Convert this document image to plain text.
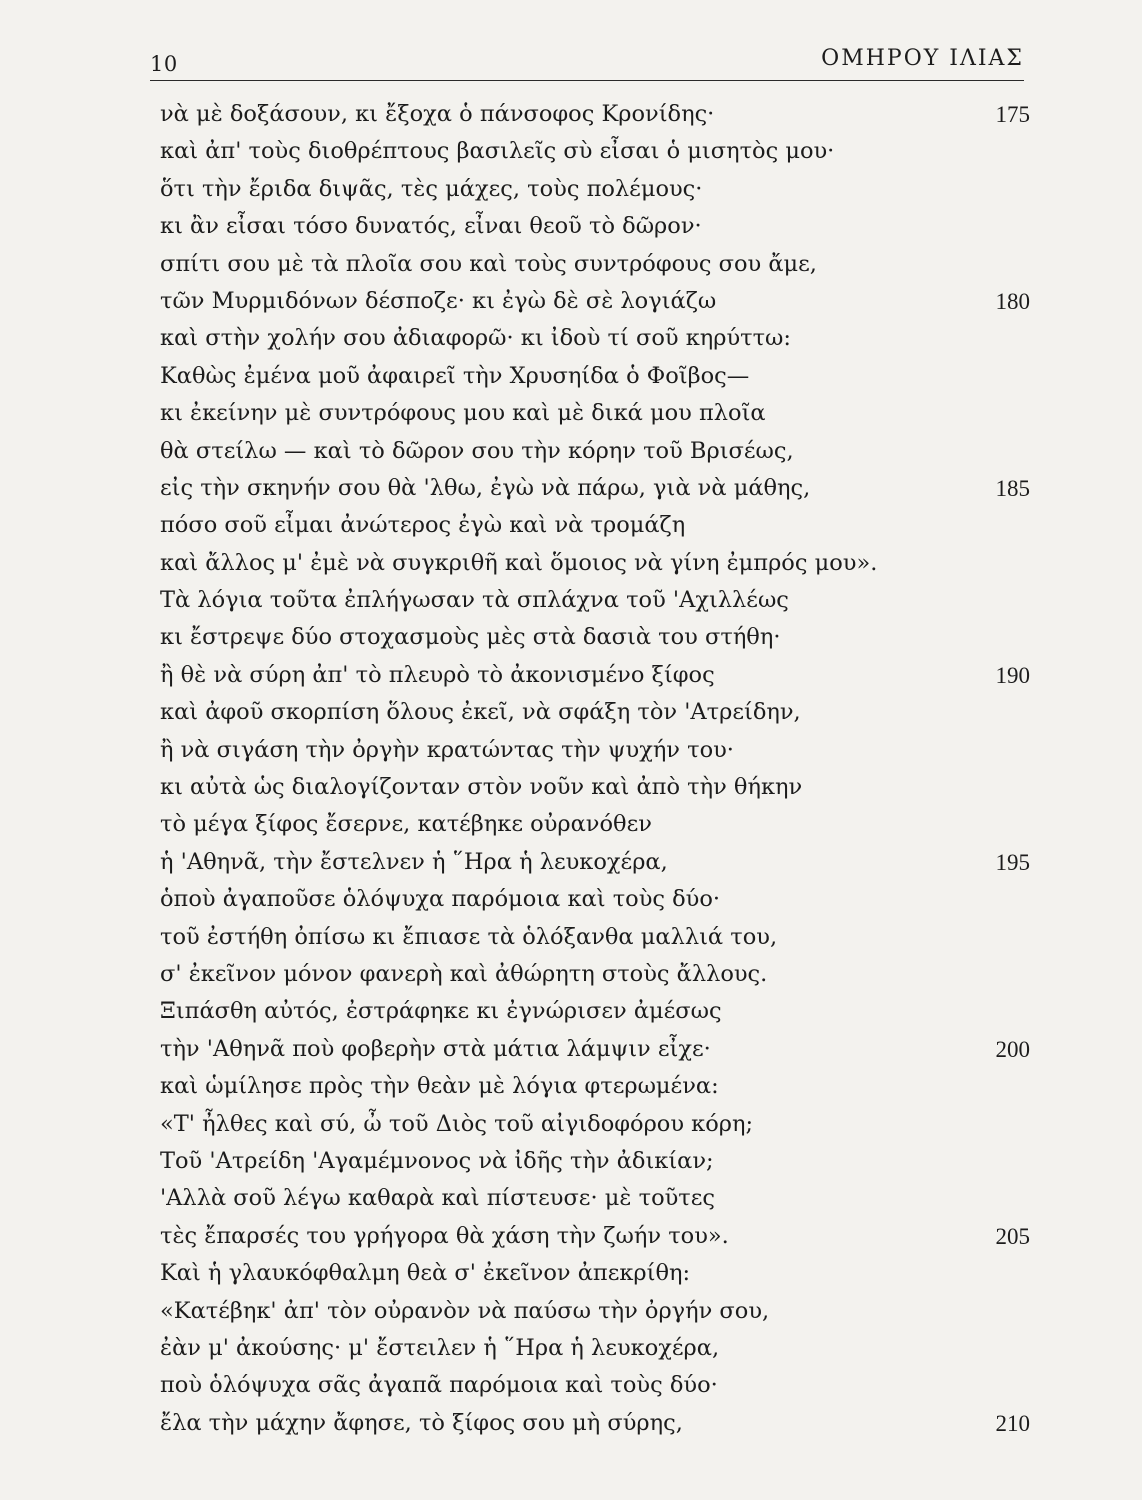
10	ΟΜΗΡΟΥ ΙΛΙΑΣ
νὰ μὲ δοξάσουν, κι ἔξοχα ὁ πάνσοφος Κρονίδης·	175
καὶ ἀπ' τοὺς διοθρέπτους βασιλεῖς σὺ εἶσαι ὁ μισητὸς μου·
ὅτι τὴν ἔριδα διψᾶς, τὲς μάχες, τοὺς πολέμους·
κι ἂν εἶσαι τόσο δυνατός, εἶναι θεοῦ τὸ δῶρον·
σπίτι σου μὲ τὰ πλοῖα σου καὶ τοὺς συντρόφους σου ἄμε,
τῶν Μυρμιδόνων δέσποζε· κι ἐγὼ δὲ σὲ λογιάζω	180
καὶ στὴν χολήν σου ἀδιαφορῶ· κι ἰδοὺ τί σοῦ κηρύττω:
Καθὼς ἐμένα μοῦ ἀφαιρεῖ τὴν Χρυσηίδα ὁ Φοῖβος—
κι ἐκείνην μὲ συντρόφους μου καὶ μὲ δικά μου πλοῖα
θὰ στείλω — καὶ τὸ δῶρον σου τὴν κόρην τοῦ Βρισέως,
εἰς τὴν σκηνήν σου θὰ 'λθω, ἐγὼ νὰ πάρω, γιὰ νὰ μάθης,	185
πόσο σοῦ εἶμαι ἀνώτερος ἐγὼ καὶ νὰ τρομάζη
καὶ ἄλλος μ' ἐμὲ νὰ συγκριθῆ καὶ ὅμοιος νὰ γίνη ἐμπρός μου».
Τὰ λόγια τοῦτα ἐπλήγωσαν τὰ σπλάχνα τοῦ 'Αχιλλέως
κι ἔστρεψε δύο στοχασμοὺς μὲς στὰ δασιὰ του στήθη·
ἢ θὲ νὰ σύρη ἀπ' τὸ πλευρὸ τὸ ἀκονισμένο ξίφος	190
καὶ ἀφοῦ σκορπίση ὅλους ἐκεῖ, νὰ σφάξη τὸν 'Ατρείδην,
ἢ νὰ σιγάση τὴν ὀργὴν κρατώντας τὴν ψυχήν του·
κι αὐτὰ ὡς διαλογίζονταν στὸν νοῦν καὶ ἀπὸ τὴν θήκην
τὸ μέγα ξίφος ἔσερνε, κατέβηκε οὐρανόθεν
ἡ 'Αθηνᾶ, τὴν ἔστελνεν ἡ ῞Ηρα ἡ λευκοχέρα,	195
ὁποὺ ἀγαποῦσε ὁλόψυχα παρόμοια καὶ τοὺς δύο·
τοῦ ἐστήθη ὀπίσω κι ἔπιασε τὰ ὁλόξανθα μαλλιά του,
σ' ἐκεῖνον μόνον φανερὴ καὶ ἀθώρητη στοὺς ἄλλους.
Ξιπάσθη αὐτός, ἐστράφηκε κι ἐγνώρισεν ἀμέσως
τὴν 'Αθηνᾶ ποὺ φοβερὴν στὰ μάτια λάμψιν εἶχε·	200
καὶ ὡμίλησε πρὸς τὴν θεὰν μὲ λόγια φτερωμένα:
«Τ' ἦλθες καὶ σύ, ὦ τοῦ Διὸς τοῦ αἰγιδοφόρου κόρη;
Τοῦ 'Ατρείδη 'Αγαμέμνονος νὰ ἰδῆς τὴν ἀδικίαν;
'Αλλὰ σοῦ λέγω καθαρὰ καὶ πίστευσε· μὲ τοῦτες
τὲς ἔπαρσές του γρήγορα θὰ χάση τὴν ζωήν του».	205
Καὶ ἡ γλαυκόφθαλμη θεὰ σ' ἐκεῖνον ἀπεκρίθη:
«Κατέβηκ' ἀπ' τὸν οὐρανὸν νὰ παύσω τὴν ὀργήν σου,
ἐὰν μ' ἀκούσης· μ' ἔστειλεν ἡ ῞Ηρα ἡ λευκοχέρα,
ποὺ ὁλόψυχα σᾶς ἀγαπᾶ παρόμοια καὶ τοὺς δύο·
ἔλα τὴν μάχην ἄφησε, τὸ ξίφος σου μὴ σύρης,	210
